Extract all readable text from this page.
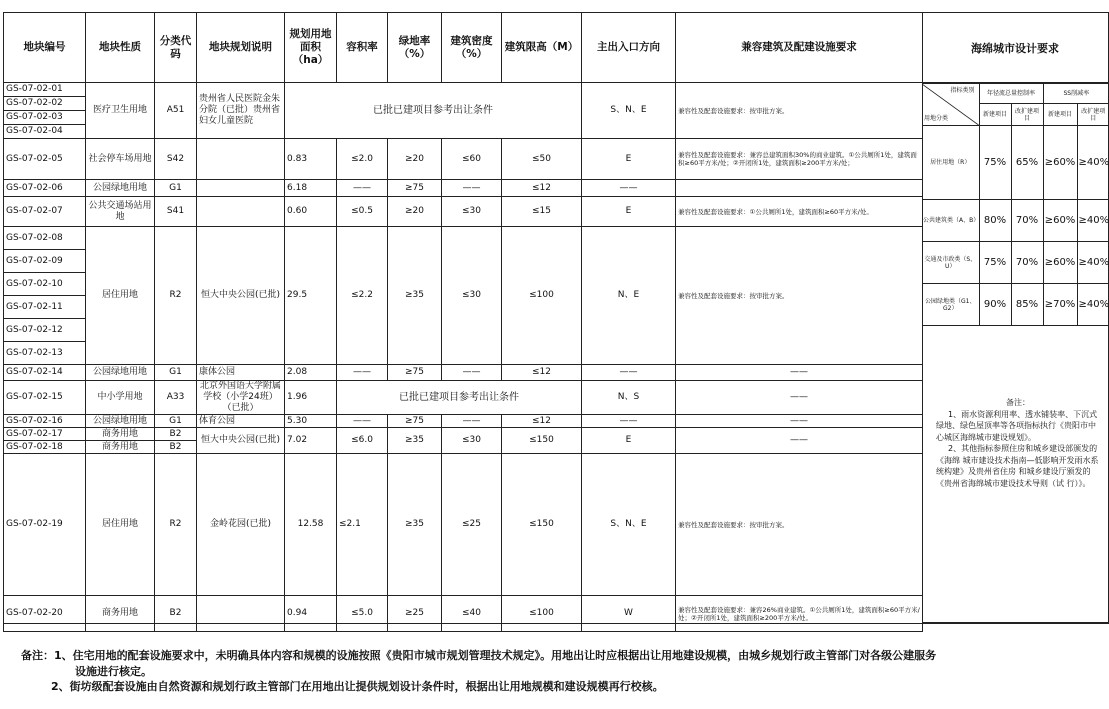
地块编号	地块性质	分类代码	地块规划说明	规划用地面积（ha）	容积率	绿地率（%）	建筑密度（%）	建筑限高（M）	主出入口方向	兼容建筑及配建设施要求
GS-07-02-01	医疗卫生用地	A51	贵州省人民医院金朱分院（已批）贵州省妇女儿童医院	已批已建项目参考出让条件					S、N、E	兼容性及配套设施要求：按审批方案。
GS-07-02-02										
GS-07-02-03										
GS-07-02-04										
GS-07-02-05	社会停车场用地	S42		0.83	≤2.0	≥20	≤60	≤50	E	兼容性及配套设施要求：兼容总建筑面积30%的商业建筑。①公共厕所1处，建筑面积≥60平方米/处；②开闭所1处，建筑面积≥200平方米/处；
GS-07-02-06	公园绿地用地	G1		6.18	——	≥75	——	≤12	——	
GS-07-02-07	公共交通场站用地	S41		0.60	≤0.5	≥20	≤30	≤15	E	兼容性及配套设施要求：①公共厕所1处，建筑面积≥60平方米/处。
GS-07-02-08	居住用地	R2	恒大中央公园(已批)	29.5	≤2.2	≥35	≤30	≤100	N、E	兼容性及配套设施要求：按审批方案。
GS-07-02-09										
GS-07-02-10										
GS-07-02-11										
GS-07-02-12										
GS-07-02-13										
GS-07-02-14	公园绿地用地	G1	康体公园	2.08	——	≥75	——	≤12	——	——
GS-07-02-15	中小学用地	A33	北京外国语大学附属学校（小学24班）（已批）	1.96	已批已建项目参考出让条件				N、S	——
GS-07-02-16	公园绿地用地	G1	体育公园	5.30	——	≥75	——	≤12	——	——
GS-07-02-17	商务用地	B2	恒大中央公园(已批)	7.02	≤6.0	≥35	≤30	≤150	E	——
GS-07-02-18	商务用地	B2								
GS-07-02-19	居住用地	R2	金岭花园(已批)	12.58	≤2.1	≥35	≤25	≤150	S、N、E	兼容性及配套设施要求：按审批方案。
GS-07-02-20	商务用地	B2		0.94	≤5.0	≥25	≤40	≤100	W	兼容性及配套设施要求：兼容26%商业建筑。①公共厕所1处，建筑面积≥60平方米/处；②开闭所1处，建筑面积≥200平方米/处。
海绵城市设计要求
指标类别
用地分类	年径流总量控制率		SS削减率	
	新建项目	改扩建项目	新建项目	改扩建项目
居住用地（R）	75%	65%	≥60%	≥40%
公共建筑类（A、B）	80%	70%	≥60%	≥40%
交通及市政类（S、U）	75%	70%	≥60%	≥40%
公园绿地类（G1、G2）	90%	85%	≥70%	≥40%
备注：

1、雨水资源利用率、透水铺装率、下沉式绿地、绿色屋顶率等各项指标执行《贵阳市中心城区海绵城市建设规划》。

2、其他指标参照住房和城乡建设部颁发的《海绵 城市建设技术指南—低影响开发雨水系统构建》及贵州省住房 和城乡建设厅颁发的《贵州省海绵城市建设技术导则（试 行）》。

备注：1、住宅用地的配套设施要求中，未明确具体内容和规模的设施按照《贵阳市城市规划管理技术规定》。用地出让时应根据出让用地建设规模，由城乡规划行政主管部门对各级公建服务
设施进行核定。
2、街坊级配套设施由自然资源和规划行政主管部门在用地出让提供规划设计条件时，根据出让用地规模和建设规模再行校核。
